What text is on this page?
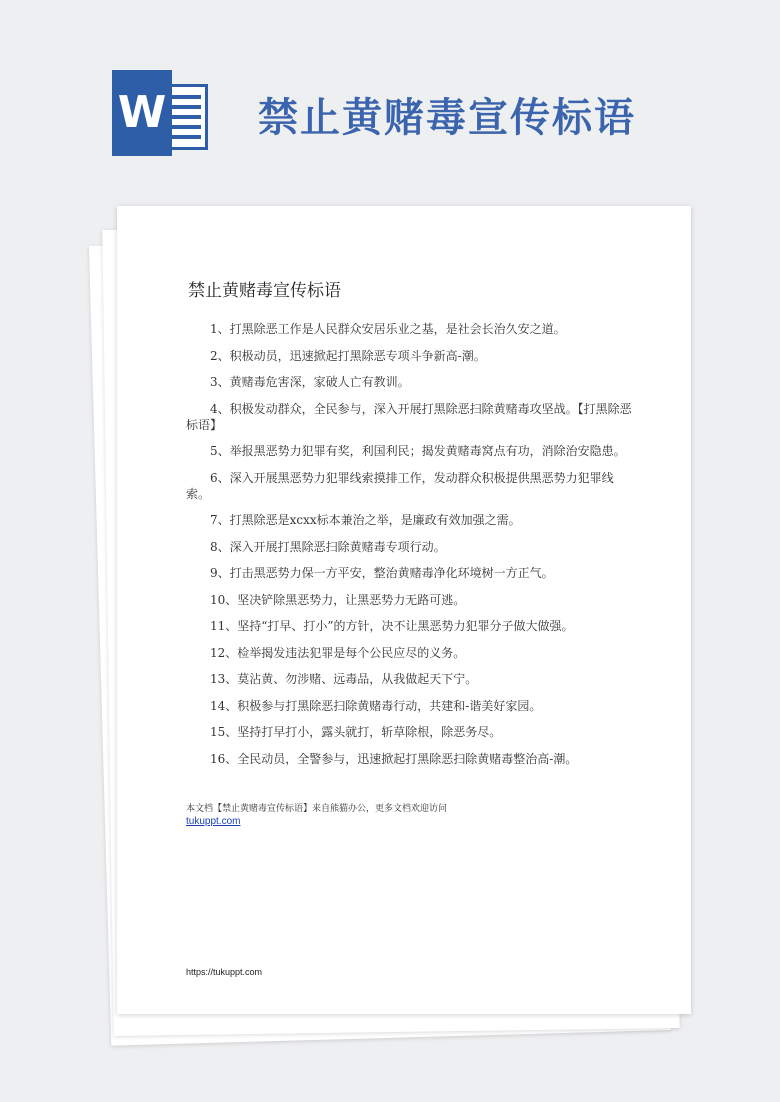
W 禁止黄赌毒宣传标语
禁止黄赌毒宣传标语
1、打黑除恶工作是人民群众安居乐业之基，是社会长治久安之道。
2、积极动员，迅速掀起打黑除恶专项斗争新高-潮。
3、黄赌毒危害深，家破人亡有教训。
4、积极发动群众，全民参与，深入开展打黑除恶扫除黄赌毒攻坚战。【打黑除恶标语】
5、举报黑恶势力犯罪有奖，利国利民；揭发黄赌毒窝点有功，消除治安隐患。
6、深入开展黑恶势力犯罪线索摸排工作，发动群众积极提供黑恶势力犯罪线索。
7、打黑除恶是xcxx标本兼治之举，是廉政有效加强之需。
8、深入开展打黑除恶扫除黄赌毒专项行动。
9、打击黑恶势力保一方平安，整治黄赌毒净化环境树一方正气。
10、坚决铲除黑恶势力，让黑恶势力无路可逃。
11、坚持“打早、打小”的方针，决不让黑恶势力犯罪分子做大做强。
12、检举揭发违法犯罪是每个公民应尽的义务。
13、莫沾黄、勿涉赌、远毒品，从我做起天下宁。
14、积极参与打黑除恶扫除黄赌毒行动，共建和-谐美好家园。
15、坚持打早打小，露头就打，斩草除根，除恶务尽。
16、全民动员，全警参与，迅速掀起打黑除恶扫除黄赌毒整治高-潮。
本文档【禁止黄赌毒宣传标语】来自熊猫办公，更多文档欢迎访问
tukuppt.com
https://tukuppt.com
